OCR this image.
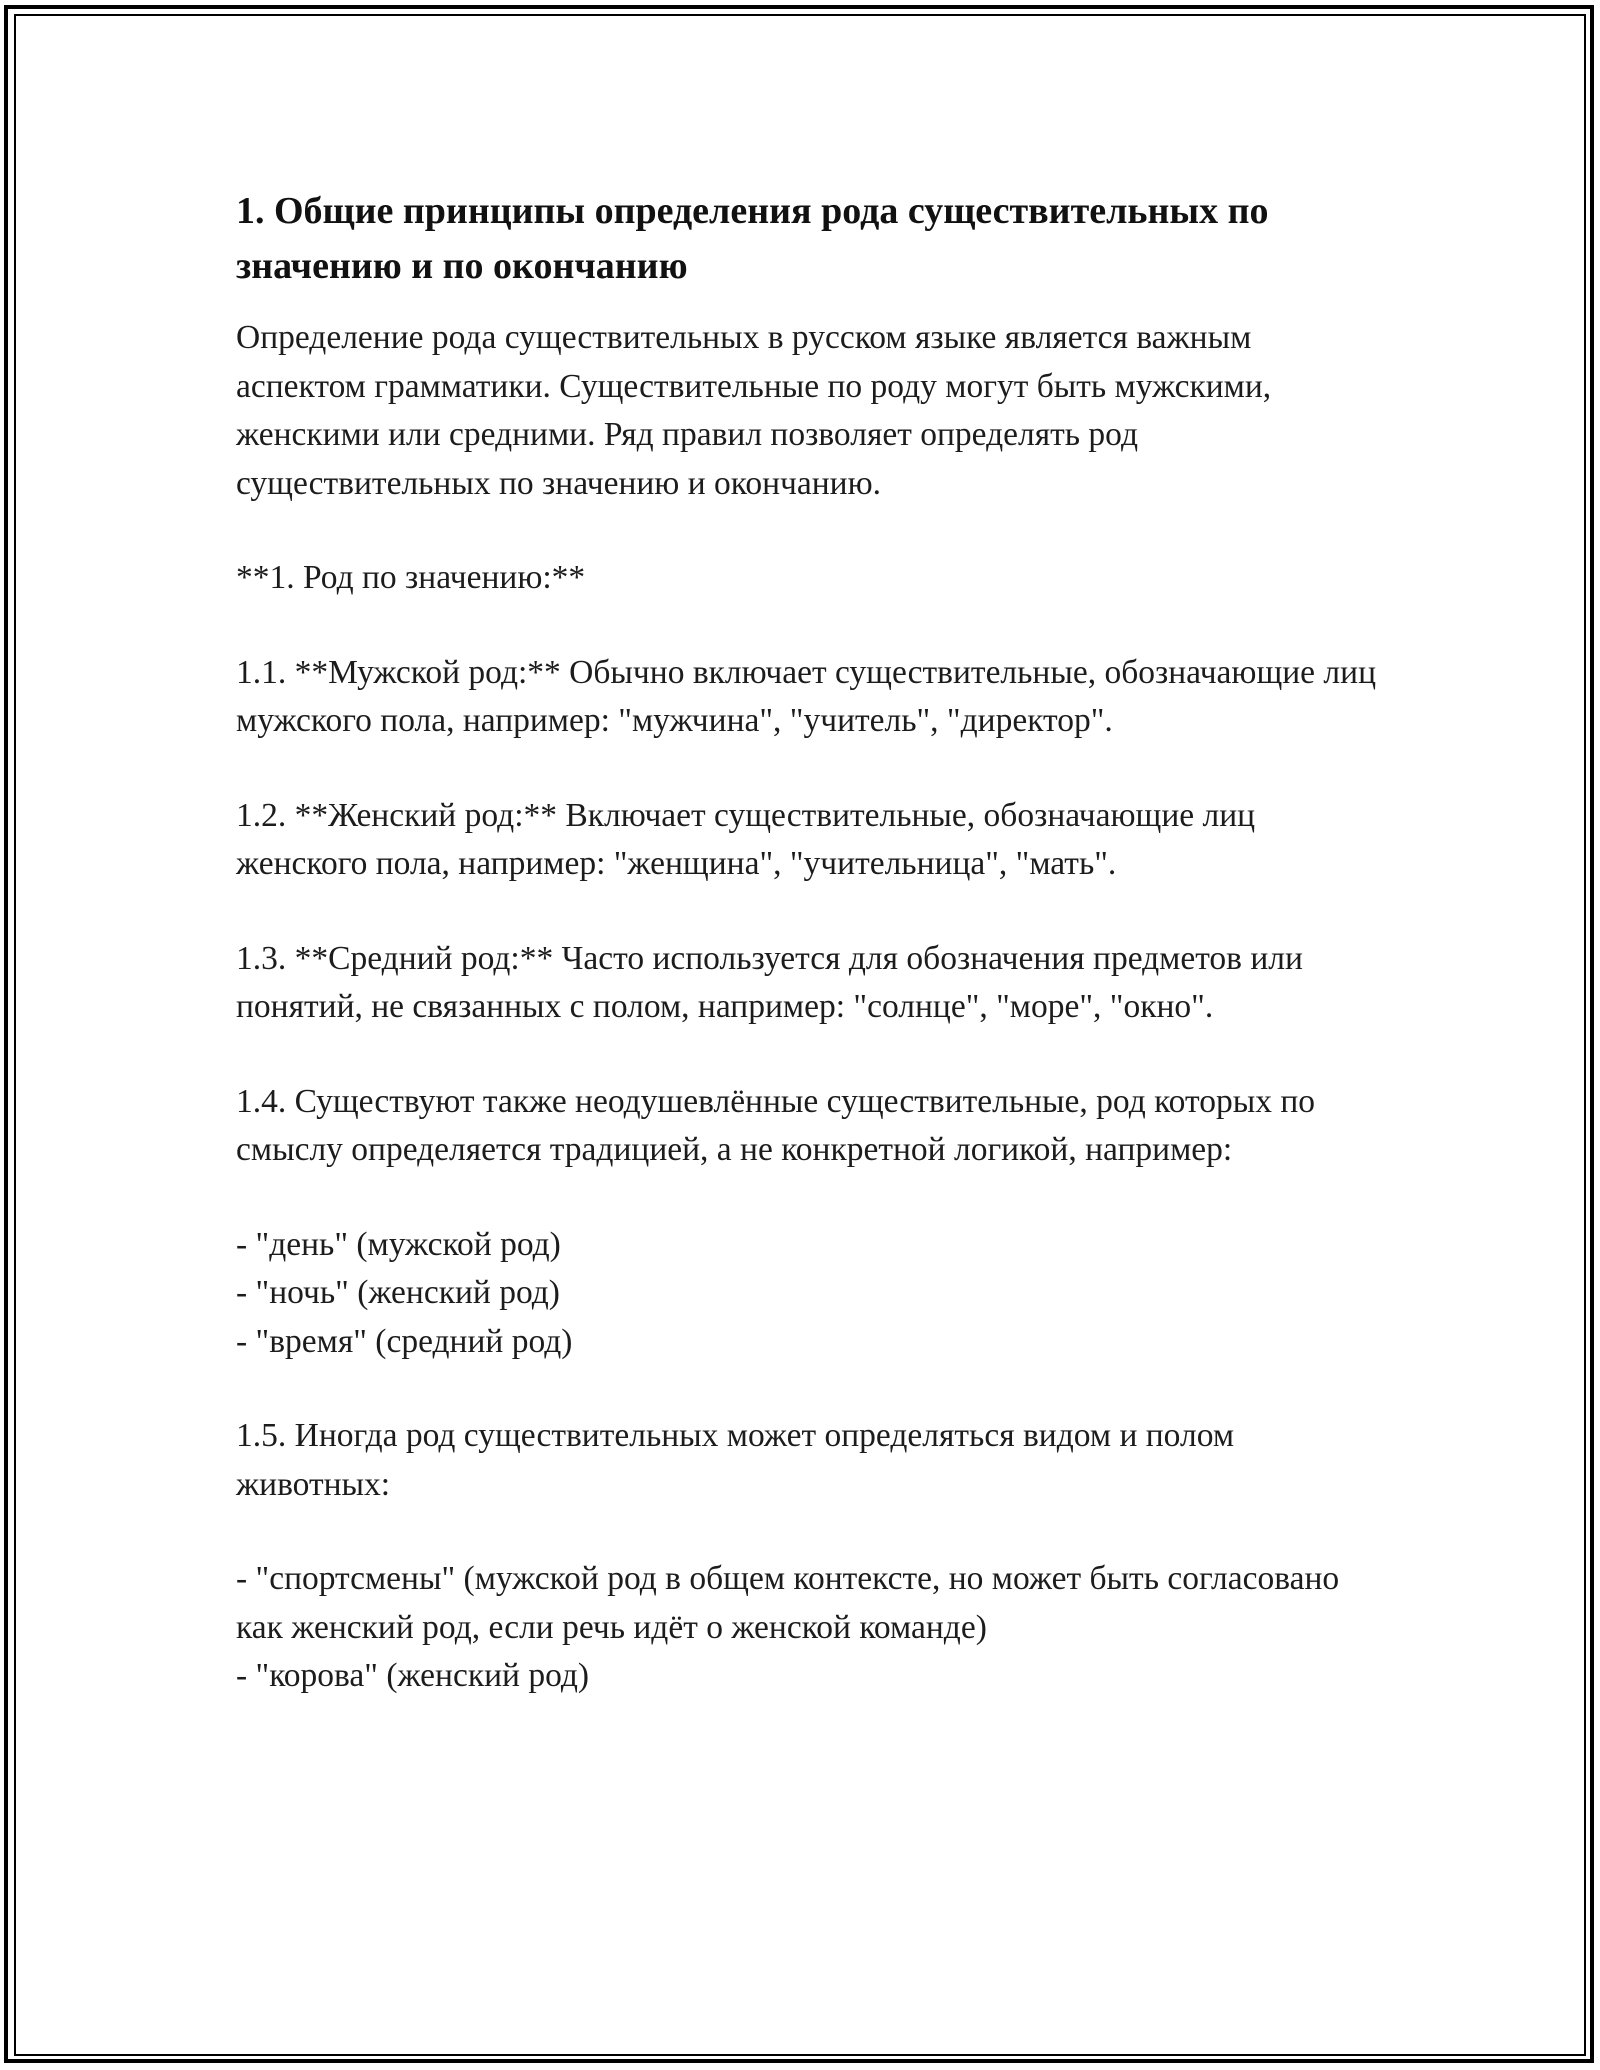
1. Общие принципы определения рода существительных по значению и по окончанию

Определение рода существительных в русском языке является важным аспектом грамматики. Существительные по роду могут быть мужскими, женскими или средними. Ряд правил позволяет определять род существительных по значению и окончанию.

**1. Род по значению:**

1.1. **Мужской род:** Обычно включает существительные, обозначающие лиц мужского пола, например: "мужчина", "учитель", "директор".

1.2. **Женский род:** Включает существительные, обозначающие лиц женского пола, например: "женщина", "учительница", "мать".

1.3. **Средний род:** Часто используется для обозначения предметов или понятий, не связанных с полом, например: "солнце", "море", "окно".

1.4. Существуют также неодушевлённые существительные, род которых по смыслу определяется традицией, а не конкретной логикой, например:

- "день" (мужской род)
- "ночь" (женский род)
- "время" (средний род)

1.5. Иногда род существительных может определяться видом и полом животных:

- "спортсмены" (мужской род в общем контексте, но может быть согласовано как женский род, если речь идёт о женской команде)
- "корова" (женский род)
